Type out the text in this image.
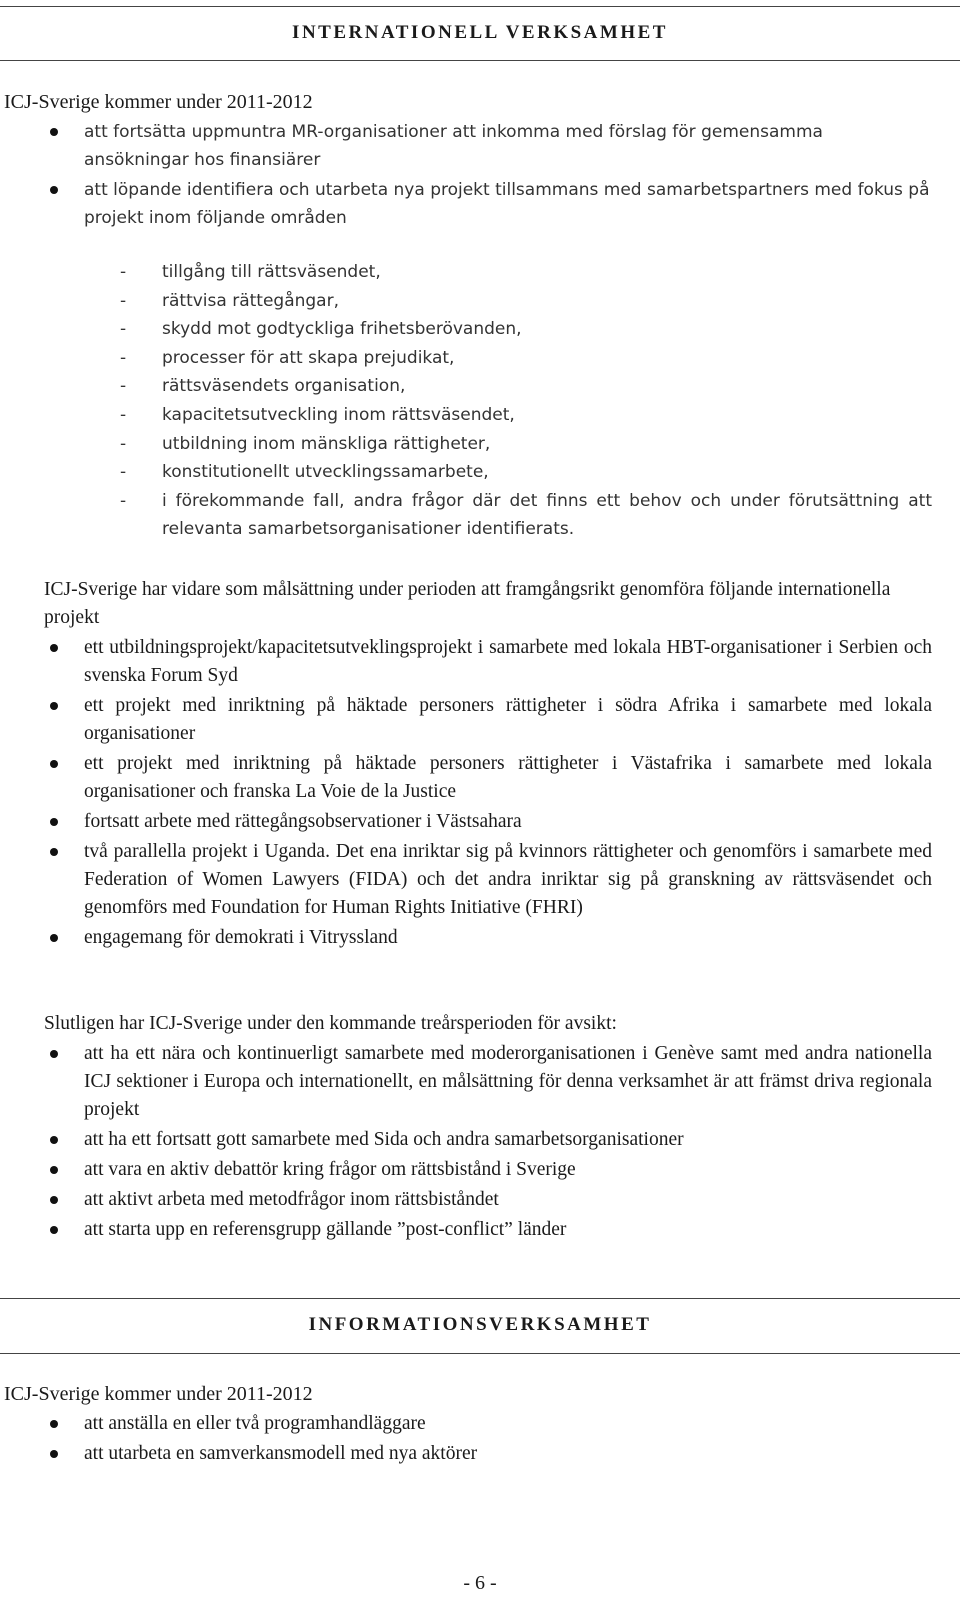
INTERNATIONELL VERKSAMHET
ICJ-Sverige kommer under 2011-2012
att fortsätta uppmuntra MR-organisationer att inkomma med förslag för gemensamma ansökningar hos finansiärer
att löpande identifiera och utarbeta nya projekt tillsammans med samarbetspartners med fokus på projekt inom följande områden
- tillgång till rättsväsendet,
- rättvisa rättegångar,
- skydd mot godtyckliga frihetsberövanden,
- processer för att skapa prejudikat,
- rättsväsendets organisation,
- kapacitetsutveckling inom rättsväsendet,
- utbildning inom mänskliga rättigheter,
- konstitutionellt utvecklingssamarbete,
- i förekommande fall, andra frågor där det finns ett behov och under förutsättning att relevanta samarbetsorganisationer identifierats.
ICJ-Sverige har vidare som målsättning under perioden att framgångsrikt genomföra följande internationella projekt
ett utbildningsprojekt/kapacitetsutveklingsprojekt i samarbete med lokala HBT-organisationer i Serbien och svenska Forum Syd
ett projekt med inriktning på häktade personers rättigheter i södra Afrika i samarbete med lokala organisationer
ett projekt med inriktning på häktade personers rättigheter i Västafrika i samarbete med lokala organisationer och franska La Voie de la Justice
fortsatt arbete med rättegångsobservationer i Västsahara
två parallella projekt i Uganda. Det ena inriktar sig på kvinnors rättigheter och genomförs i samarbete med Federation of Women Lawyers (FIDA) och det andra inriktar sig på granskning av rättsväsendet och genomförs med Foundation for Human Rights Initiative (FHRI)
engagemang för demokrati i Vitryssland
Slutligen har ICJ-Sverige under den kommande treårsperioden för avsikt:
att ha ett nära och kontinuerligt samarbete med moderorganisationen i Genève samt med andra nationella ICJ sektioner i Europa och internationellt, en målsättning för denna verksamhet är att främst driva regionala projekt
att ha ett fortsatt gott samarbete med Sida och andra samarbetsorganisationer
att vara en aktiv debattör kring frågor om rättsbistånd i Sverige
att aktivt arbeta med metodfrågor inom rättsbiståndet
att starta upp en referensgrupp gällande ”post-conflict” länder
INFORMATIONSVERKSAMHET
ICJ-Sverige kommer under 2011-2012
att anställa en eller två programhandläggare
att utarbeta en samverkansmodell med nya aktörer
- 6 -
